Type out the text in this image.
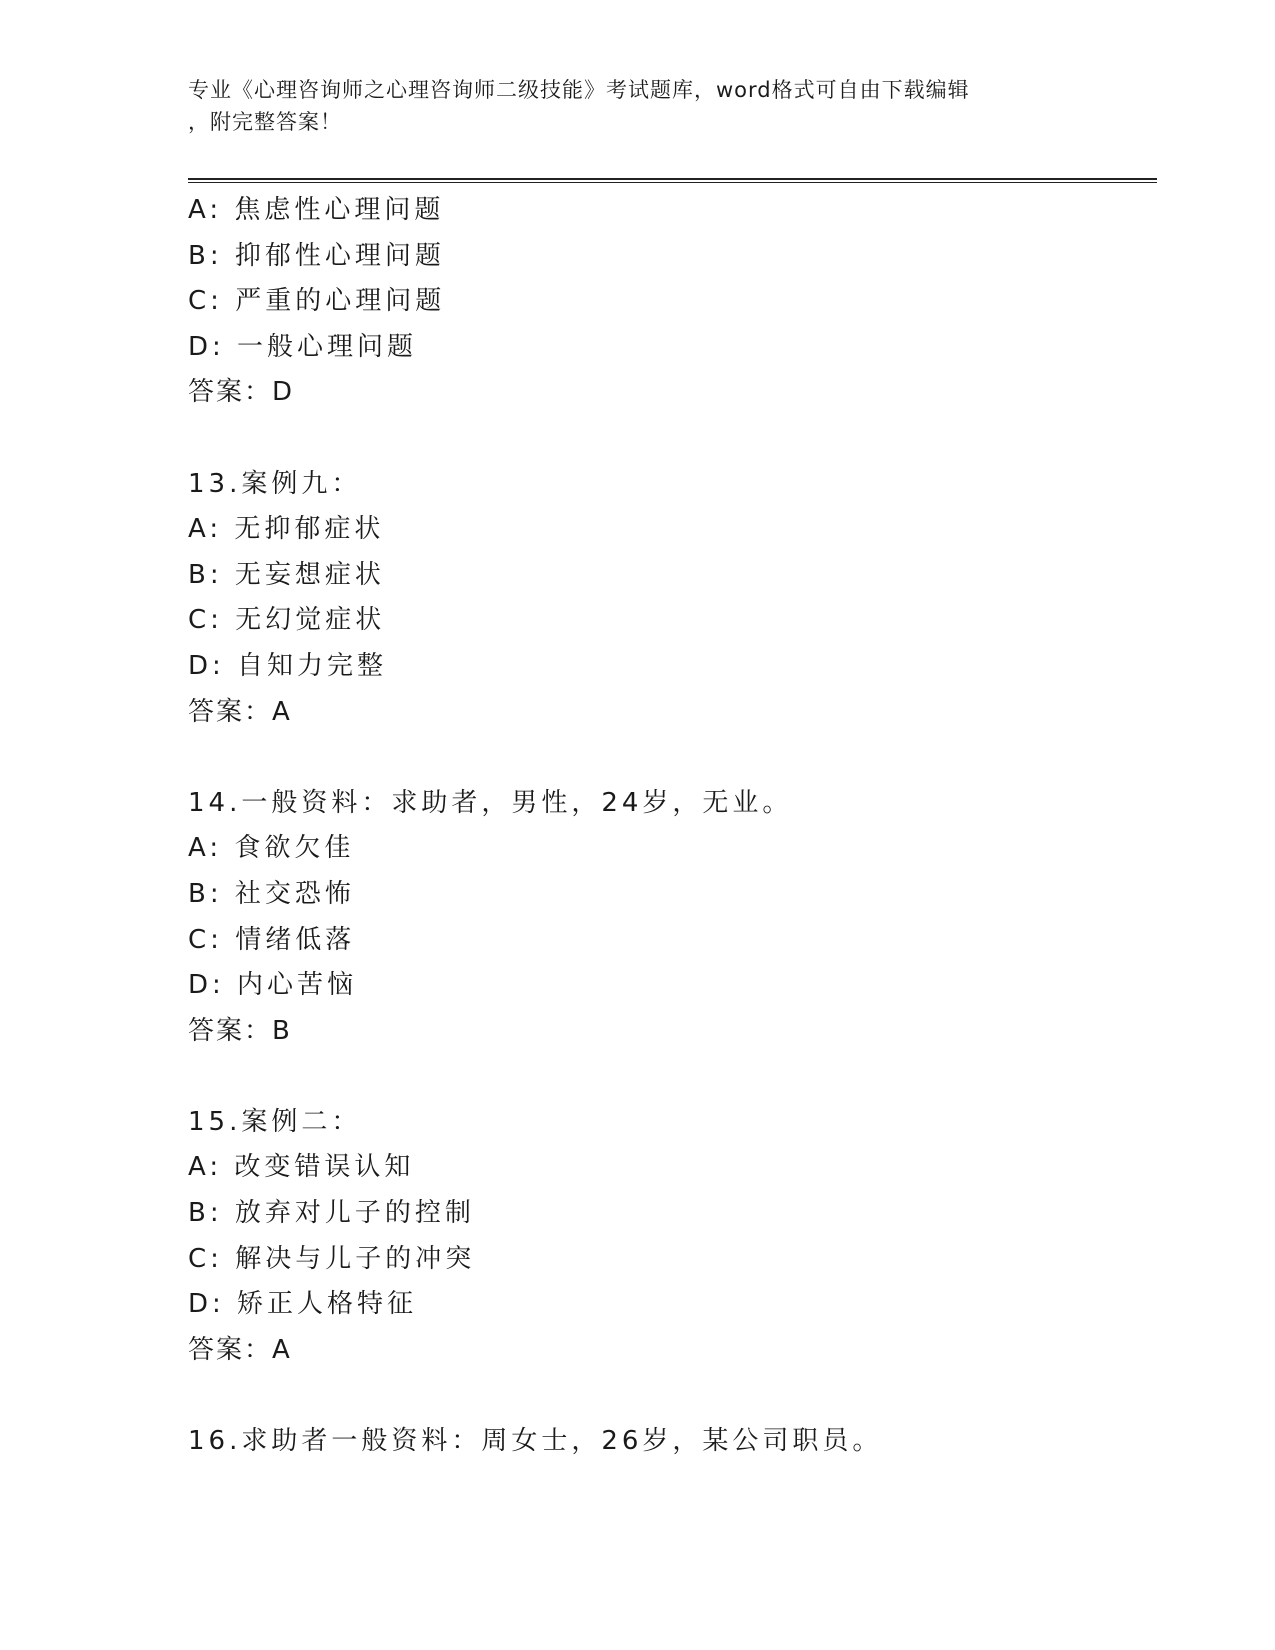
专业《心理咨询师之心理咨询师二级技能》考试题库，word格式可自由下载编辑
，附完整答案！
A: 焦虑性心理问题
B: 抑郁性心理问题
C: 严重的心理问题
D: 一般心理问题
答案：D
13.案例九：
A: 无抑郁症状
B: 无妄想症状
C: 无幻觉症状
D: 自知力完整
答案：A
14.一般资料：求助者，男性，24岁，无业。
A: 食欲欠佳
B: 社交恐怖
C: 情绪低落
D: 内心苦恼
答案：B
15.案例二：
A: 改变错误认知
B: 放弃对儿子的控制
C: 解决与儿子的冲突
D: 矫正人格特征
答案：A
16.求助者一般资料：周女士，26岁，某公司职员。
